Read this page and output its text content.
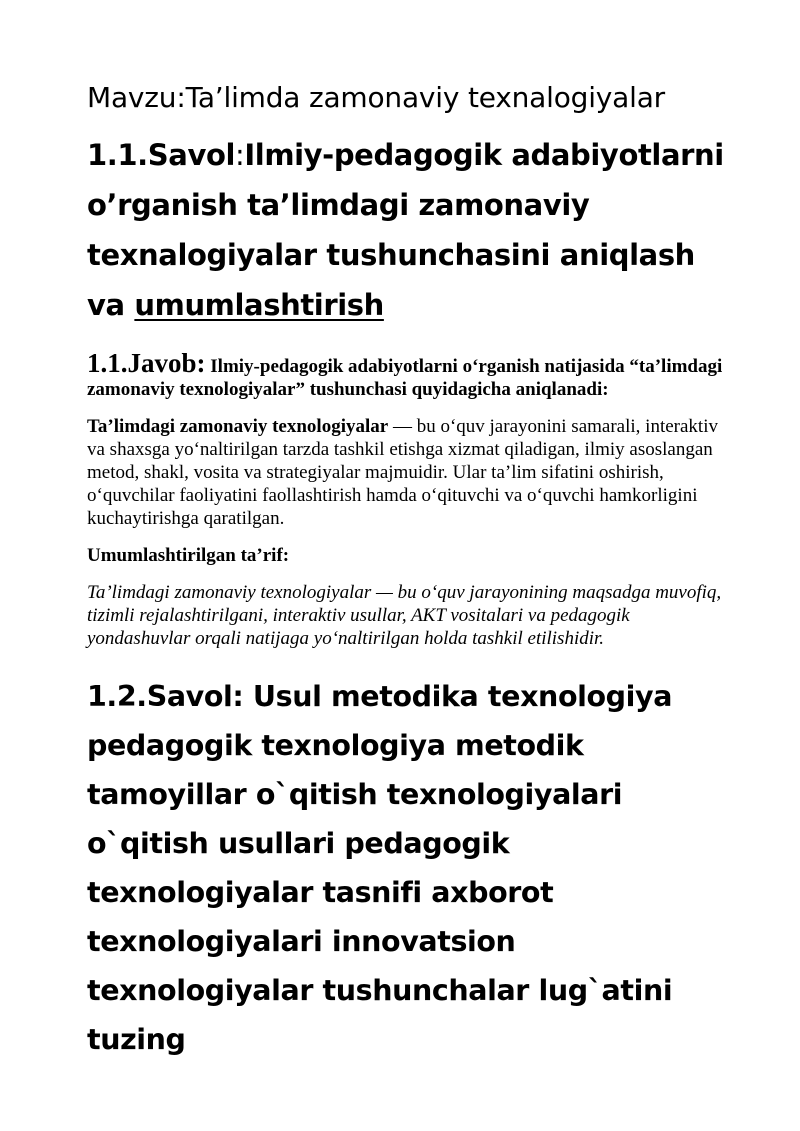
Mavzu:Ta’limda zamonaviy texnalogiyalar
1.1.Savol:Ilmiy-pedagogik adabiyotlarni o’rganish ta’limdagi zamonaviy texnalogiyalar tushunchasini aniqlash va umumlashtirish

1.1.Javob: Ilmiy-pedagogik adabiyotlarni oʻrganish natijasida “ta’limdagi zamonaviy texnologiyalar” tushunchasi quyidagicha aniqlanadi:

Ta’limdagi zamonaviy texnologiyalar — bu oʻquv jarayonini samarali, interaktiv va shaxsga yoʻnaltirilgan tarzda tashkil etishga xizmat qiladigan, ilmiy asoslangan metod, shakl, vosita va strategiyalar majmuidir. Ular ta’lim sifatini oshirish, oʻquvchilar faoliyatini faollashtirish hamda oʻqituvchi va oʻquvchi hamkorligini kuchaytirishga qaratilgan.

Umumlashtirilgan ta’rif:

Ta’limdagi zamonaviy texnologiyalar — bu oʻquv jarayonining maqsadga muvofiq, tizimli rejalashtirilgani, interaktiv usullar, AKT vositalari va pedagogik yondashuvlar orqali natijaga yoʻnaltirilgan holda tashkil etilishidir.

1.2.Savol: Usul metodika texnologiya pedagogik texnologiya metodik tamoyillar o`qitish texnologiyalari o`qitish usullari pedagogik texnologiyalar tasnifi axborot texnologiyalari innovatsion texnologiyalar tushunchalar lug`atini tuzing
